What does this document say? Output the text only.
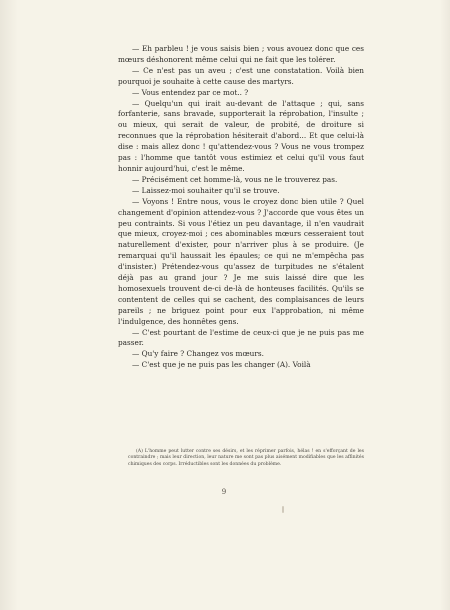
— Eh parbleu ! je vous saisis bien ; vous avouez donc que ces mœurs déshonorent même celui qui ne fait que les tolérer.

— Ce n'est pas un aveu ; c'est une constatation. Voilà bien pourquoi je souhaite à cette cause des martyrs.

— Vous entendez par ce mot.. ?

— Quelqu'un qui irait au-devant de l'attaque ; qui, sans forfanterie, sans bravade, supporterait la réprobation, l'insulte ; ou mieux, qui serait de valeur, de probité, de droiture si reconnues que la réprobation hésiterait d'abord... Et que celui-là dise : mais allez donc ! qu'attendez-vous ? Vous ne vous trompez pas : l'homme que tantôt vous estimiez et celui qu'il vous faut honnir aujourd'hui, c'est le même.

— Précisément cet homme-là, vous ne le trouverez pas.

— Laissez-moi souhaiter qu'il se trouve.

— Voyons ! Entre nous, vous le croyez donc bien utile ? Quel changement d'opinion attendez-vous ? J'accorde que vous êtes un peu contraints. Si vous l'étiez un peu davantage, il n'en vaudrait que mieux, croyez-moi ; ces abominables mœurs cesseraient tout naturellement d'exister, pour n'arriver plus à se produire. (Je remarquai qu'il haussait les épaules; ce qui ne m'empêcha pas d'insister.) Prétendez-vous qu'assez de turpitudes ne s'étalent déjà pas au grand jour ? Je me suis laissé dire que les homosexuels trouvent de-ci de-là de honteuses facilités. Qu'ils se contentent de celles qui se cachent, des complaisances de leurs pareils ; ne briguez point pour eux l'approbation, ni même l'indulgence, des honnêtes gens.

— C'est pourtant de l'estime de ceux-ci que je ne puis pas me passer.

— Qu'y faire ? Changez vos mœurs.

— C'est que je ne puis pas les changer (A). Voilà

(A) L'homme peut lutter contre ses désirs, et les réprimer parfois, hélas ! en s'efforçant de les contraindre ; mais leur direction, leur nature me sont pas plus aisément modifiables que les affinités chimiques des corps. Irréductibles sont les données du problème.

9
